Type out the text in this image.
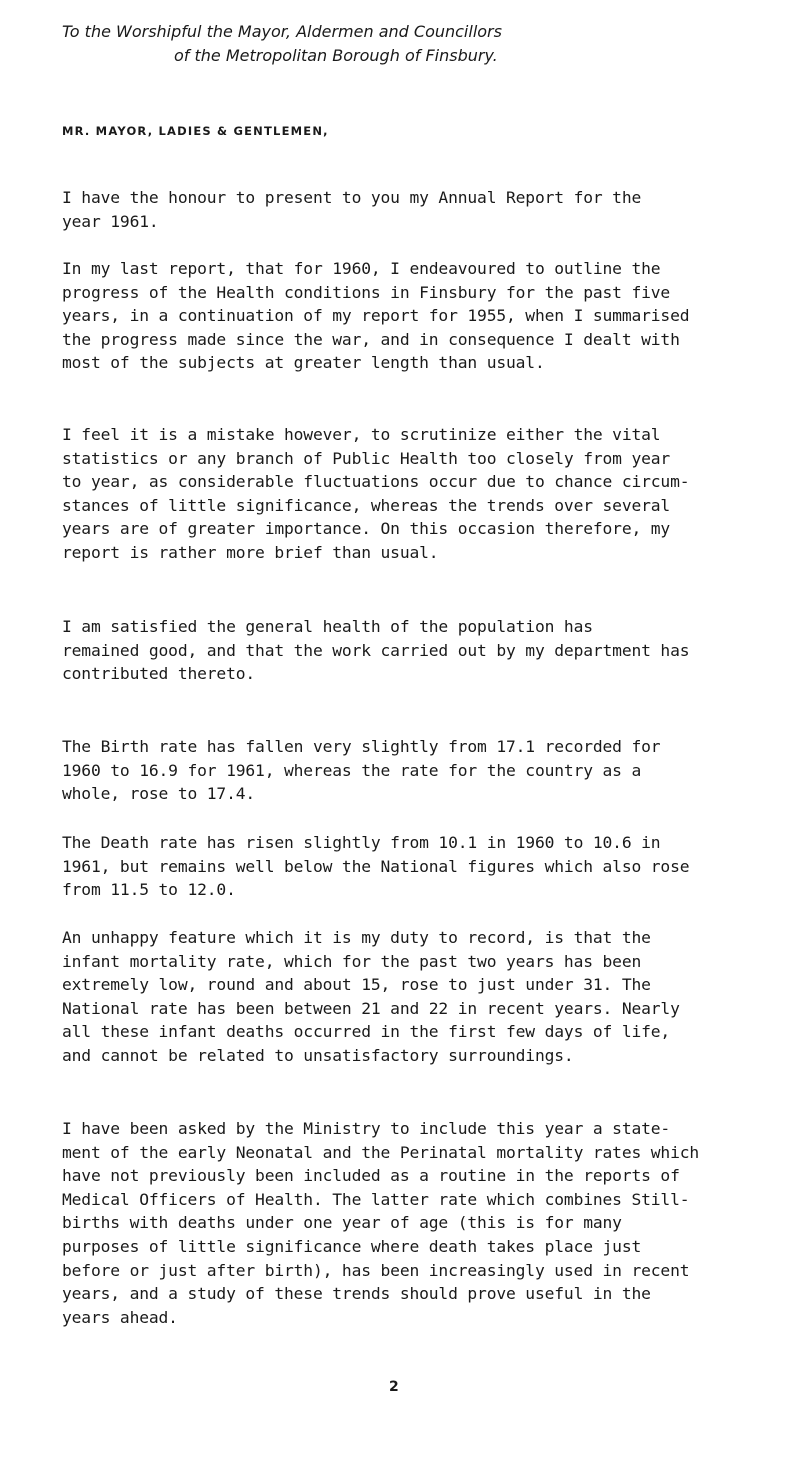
To the Worshipful the Mayor, Aldermen and Councillors
of the Metropolitan Borough of Finsbury.
MR. MAYOR, LADIES & GENTLEMEN,

I have the honour to present to you my Annual Report for the
year 1961.

In my last report, that for 1960, I endeavoured to outline the
progress of the Health conditions in Finsbury for the past five
years, in a continuation of my report for 1955, when I summarised
the progress made since the war, and in consequence I dealt with
most of the subjects at greater length than usual.

I feel it is a mistake however, to scrutinize either the vital
statistics or any branch of Public Health too closely from year
to year, as considerable fluctuations occur due to chance circum-
stances of little significance, whereas the trends over several
years are of greater importance. On this occasion therefore, my
report is rather more brief than usual.

I am satisfied the general health of the population has
remained good, and that the work carried out by my department has
contributed thereto.

The Birth rate has fallen very slightly from 17.1 recorded for
1960 to 16.9 for 1961, whereas the rate for the country as a
whole, rose to 17.4.

The Death rate has risen slightly from 10.1 in 1960 to 10.6 in
1961, but remains well below the National figures which also rose
from 11.5 to 12.0.

An unhappy feature which it is my duty to record, is that the
infant mortality rate, which for the past two years has been
extremely low, round and about 15, rose to just under 31. The
National rate has been between 21 and 22 in recent years. Nearly
all these infant deaths occurred in the first few days of life,
and cannot be related to unsatisfactory surroundings.

I have been asked by the Ministry to include this year a state-
ment of the early Neonatal and the Perinatal mortality rates which
have not previously been included as a routine in the reports of
Medical Officers of Health. The latter rate which combines Still-
births with deaths under one year of age (this is for many
purposes of little significance where death takes place just
before or just after birth), has been increasingly used in recent
years, and a study of these trends should prove useful in the
years ahead.

2
